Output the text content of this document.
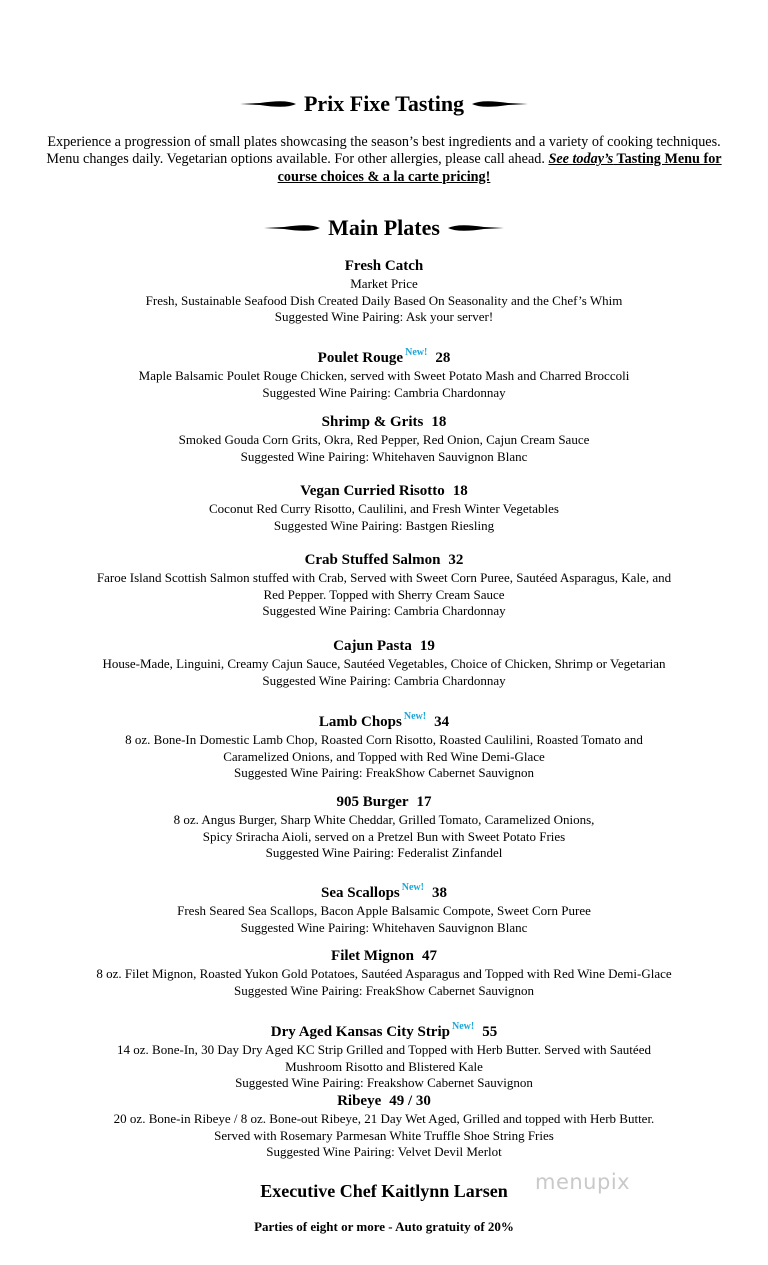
Prix Fixe Tasting
Experience a progression of small plates showcasing the season’s best ingredients and a variety of cooking techniques. Menu changes daily. Vegetarian options available. For other allergies, please call ahead. See today’s Tasting Menu for course choices & a la carte pricing!
Main Plates
Fresh Catch
Market Price
Fresh, Sustainable Seafood Dish Created Daily Based On Seasonality and the Chef’s Whim
Suggested Wine Pairing: Ask your server!
Poulet Rouge $^{New!}$ 28
Maple Balsamic Poulet Rouge Chicken, served with Sweet Potato Mash and Charred Broccoli
Suggested Wine Pairing: Cambria Chardonnay
Shrimp & Grits 18
Smoked Gouda Corn Grits, Okra, Red Pepper, Red Onion, Cajun Cream Sauce
Suggested Wine Pairing: Whitehaven Sauvignon Blanc
Vegan Curried Risotto 18
Coconut Red Curry Risotto, Caulilini, and Fresh Winter Vegetables
Suggested Wine Pairing: Bastgen Riesling
Crab Stuffed Salmon 32
Faroe Island Scottish Salmon stuffed with Crab, Served with Sweet Corn Puree, Sautéed Asparagus, Kale, and
Red Pepper. Topped with Sherry Cream Sauce
Suggested Wine Pairing: Cambria Chardonnay
Cajun Pasta 19
House-Made, Linguini, Creamy Cajun Sauce, Sautéed Vegetables, Choice of Chicken, Shrimp or Vegetarian
Suggested Wine Pairing: Cambria Chardonnay
Lamb Chops $^{New!}$ 34
8 oz. Bone-In Domestic Lamb Chop, Roasted Corn Risotto, Roasted Caulilini, Roasted Tomato and
Caramelized Onions, and Topped with Red Wine Demi-Glace
Suggested Wine Pairing: FreakShow Cabernet Sauvignon
905 Burger 17
8 oz. Angus Burger, Sharp White Cheddar, Grilled Tomato, Caramelized Onions,
Spicy Sriracha Aioli, served on a Pretzel Bun with Sweet Potato Fries
Suggested Wine Pairing: Federalist Zinfandel
Sea Scallops $^{New!}$ 38
Fresh Seared Sea Scallops, Bacon Apple Balsamic Compote, Sweet Corn Puree
Suggested Wine Pairing: Whitehaven Sauvignon Blanc
Filet Mignon 47
8 oz. Filet Mignon, Roasted Yukon Gold Potatoes, Sautéed Asparagus and Topped with Red Wine Demi-Glace
Suggested Wine Pairing: FreakShow Cabernet Sauvignon
Dry Aged Kansas City Strip $^{New!}$ 55
14 oz. Bone-In, 30 Day Dry Aged KC Strip Grilled and Topped with Herb Butter. Served with Sautéed
Mushroom Risotto and Blistered Kale
Suggested Wine Pairing: Freakshow Cabernet Sauvignon
Ribeye 49 / 30
20 oz. Bone-in Ribeye / 8 oz. Bone-out Ribeye, 21 Day Wet Aged, Grilled and topped with Herb Butter.
Served with Rosemary Parmesan White Truffle Shoe String Fries
Suggested Wine Pairing: Velvet Devil Merlot
Executive Chef Kaitlynn Larsen
Parties of eight or more - Auto gratuity of 20%
menupix
